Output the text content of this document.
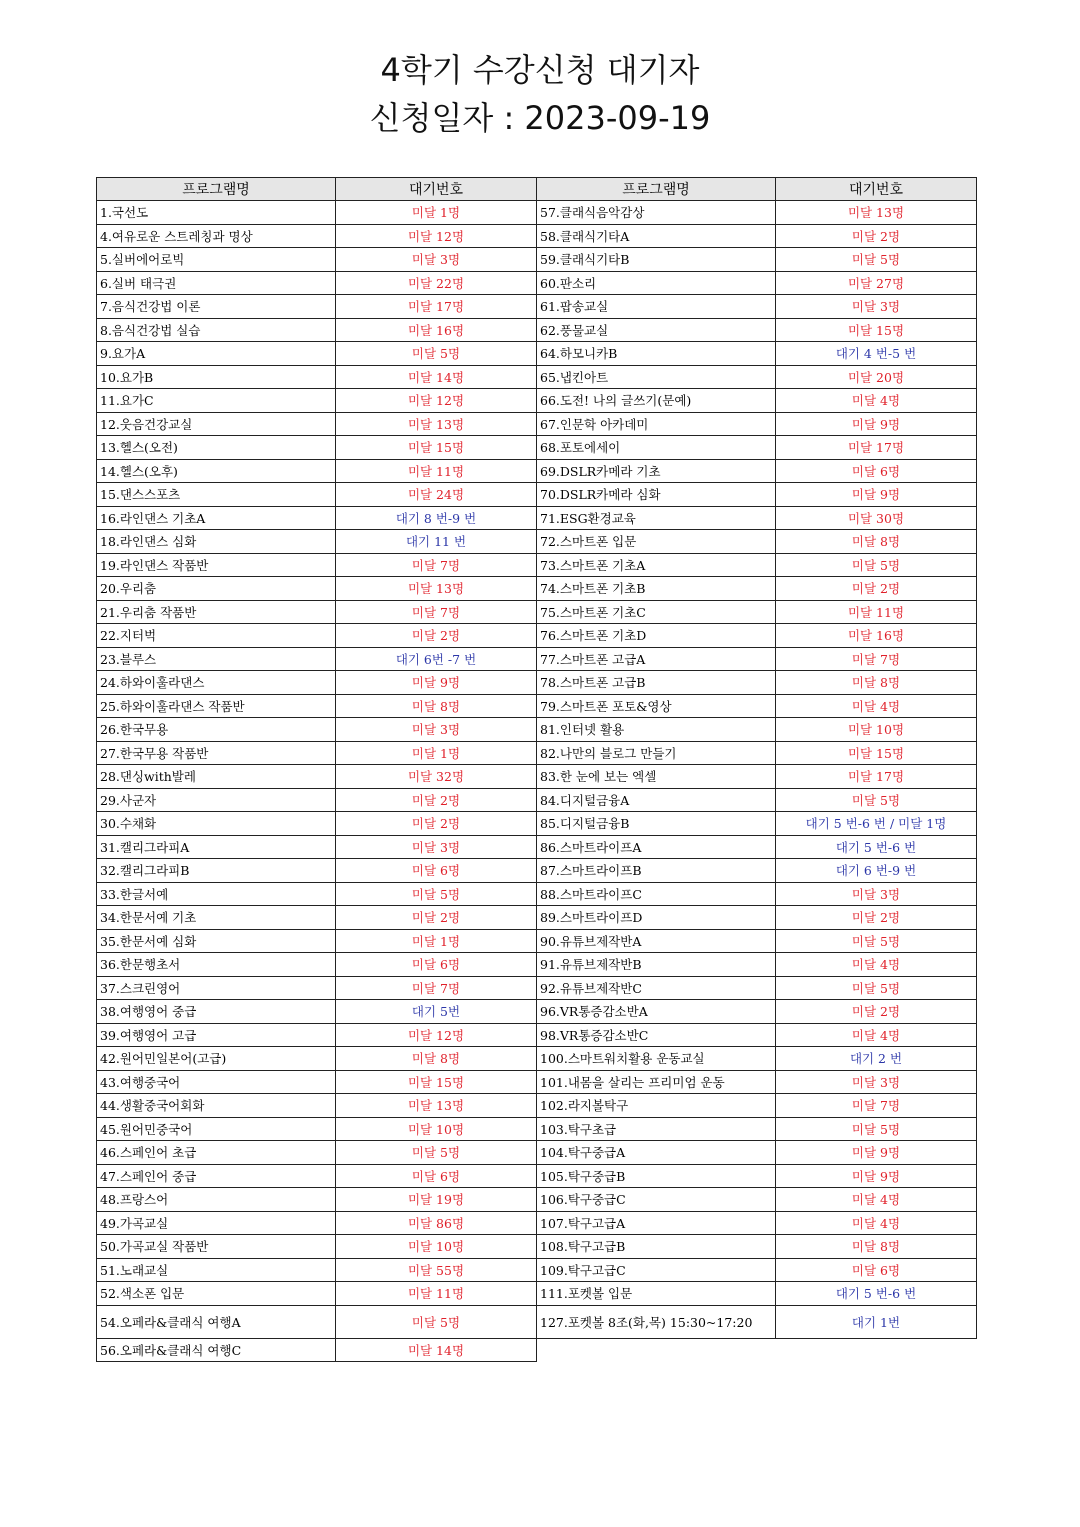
4학기 수강신청 대기자
신청일자 : 2023-09-19
프로그램명	대기번호
1.국선도	미달 1명
4.여유로운 스트레칭과 명상	미달 12명
5.실버에어로빅	미달 3명
6.실버 태극권	미달 22명
7.음식건강법 이론	미달 17명
8.음식건강법 실습	미달 16명
9.요가A	미달 5명
10.요가B	미달 14명
11.요가C	미달 12명
12.웃음건강교실	미달 13명
13.헬스(오전)	미달 15명
14.헬스(오후)	미달 11명
15.댄스스포츠	미달 24명
16.라인댄스 기초A	대기 8 번-9 번
18.라인댄스 심화	대기 11 번
19.라인댄스 작품반	미달 7명
20.우리춤	미달 13명
21.우리춤 작품반	미달 7명
22.지터벅	미달 2명
23.블루스	대기 6번 -7 번
24.하와이훌라댄스	미달 9명
25.하와이훌라댄스 작품반	미달 8명
26.한국무용	미달 3명
27.한국무용 작품반	미달 1명
28.댄싱with발레	미달 32명
29.사군자	미달 2명
30.수채화	미달 2명
31.캘리그라피A	미달 3명
32.캘리그라피B	미달 6명
33.한글서예	미달 5명
34.한문서예 기초	미달 2명
35.한문서예 심화	미달 1명
36.한문행초서	미달 6명
37.스크린영어	미달 7명
38.여행영어 중급	대기 5번
39.여행영어 고급	미달 12명
42.원어민일본어(고급)	미달 8명
43.여행중국어	미달 15명
44.생활중국어회화	미달 13명
45.원어민중국어	미달 10명
46.스페인어 초급	미달 5명
47.스페인어 중급	미달 6명
48.프랑스어	미달 19명
49.가곡교실	미달 86명
50.가곡교실 작품반	미달 10명
51.노래교실	미달 55명
52.색소폰 입문	미달 11명
54.오페라&클래식 여행A	미달 5명
56.오페라&클래식 여행C	미달 14명
프로그램명	대기번호
57.클래식음악감상	미달 13명
58.클래식기타A	미달 2명
59.클래식기타B	미달 5명
60.판소리	미달 27명
61.팝송교실	미달 3명
62.풍물교실	미달 15명
64.하모니카B	대기 4 번-5 번
65.냅킨아트	미달 20명
66.도전! 나의 글쓰기(문예)	미달 4명
67.인문학 아카데미	미달 9명
68.포토에세이	미달 17명
69.DSLR카메라 기초	미달 6명
70.DSLR카메라 심화	미달 9명
71.ESG환경교육	미달 30명
72.스마트폰 입문	미달 8명
73.스마트폰 기초A	미달 5명
74.스마트폰 기초B	미달 2명
75.스마트폰 기초C	미달 11명
76.스마트폰 기초D	미달 16명
77.스마트폰 고급A	미달 7명
78.스마트폰 고급B	미달 8명
79.스마트폰 포토&영상	미달 4명
81.인터넷 활용	미달 10명
82.나만의 블로그 만들기	미달 15명
83.한 눈에 보는 엑셀	미달 17명
84.디지털금융A	미달 5명
85.디지털금융B	대기 5 번-6 번 / 미달 1명
86.스마트라이프A	대기 5 번-6 번
87.스마트라이프B	대기 6 번-9 번
88.스마트라이프C	미달 3명
89.스마트라이프D	미달 2명
90.유튜브제작반A	미달 5명
91.유튜브제작반B	미달 4명
92.유튜브제작반C	미달 5명
96.VR통증감소반A	미달 2명
98.VR통증감소반C	미달 4명
100.스마트워치활용 운동교실	대기 2 번
101.내몸을 살리는 프리미엄 운동	미달 3명
102.라지볼탁구	미달 7명
103.탁구초급	미달 5명
104.탁구중급A	미달 9명
105.탁구중급B	미달 9명
106.탁구중급C	미달 4명
107.탁구고급A	미달 4명
108.탁구고급B	미달 8명
109.탁구고급C	미달 6명
111.포켓볼 입문	대기 5 번-6 번
127.포켓볼 8조(화,목) 15:30~17:20	대기 1번
